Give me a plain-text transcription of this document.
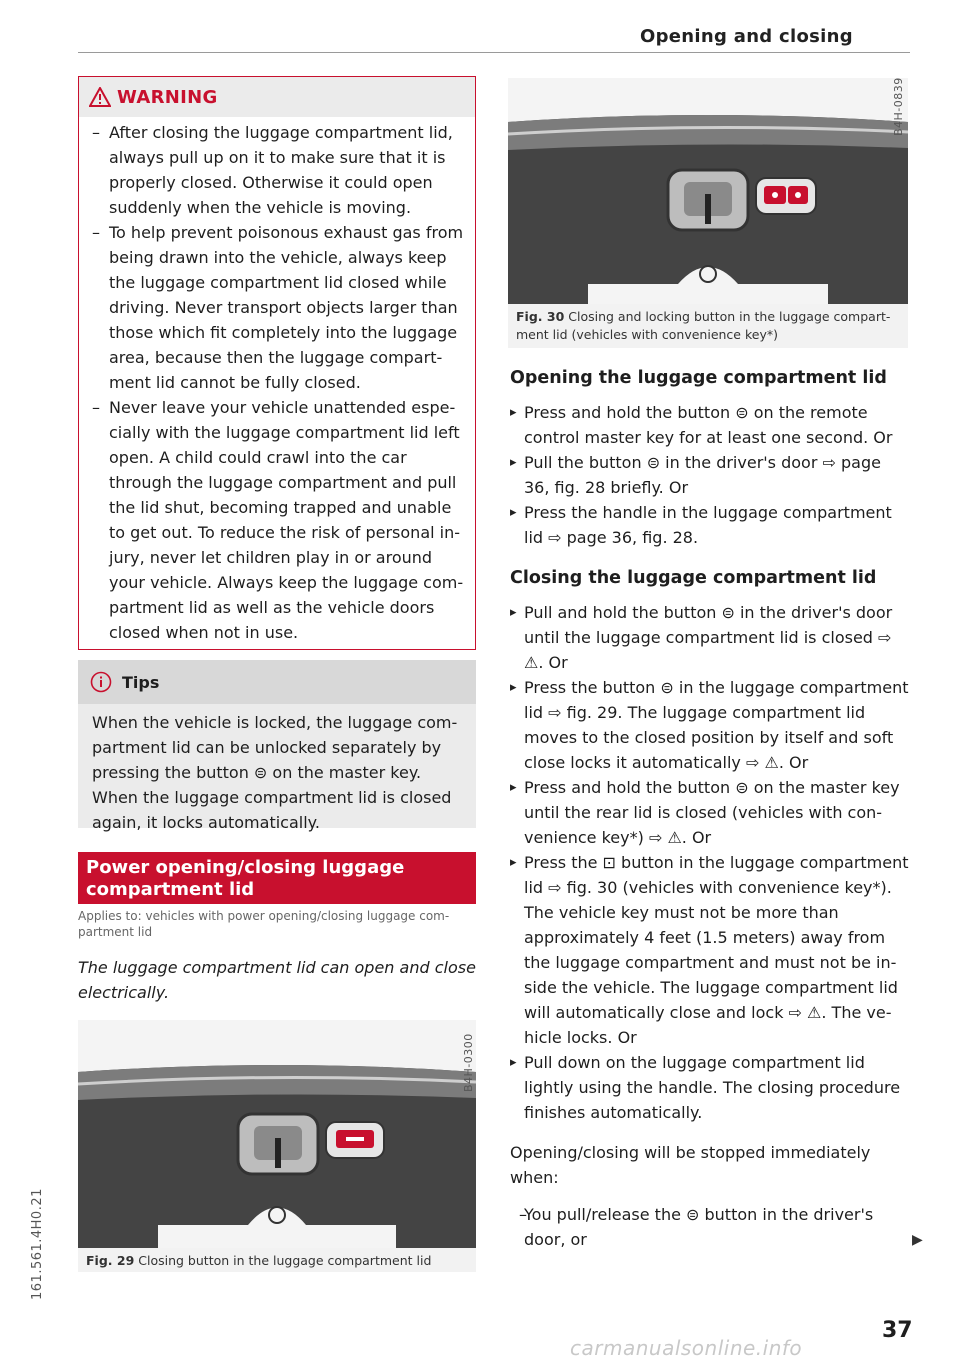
Opening and closing
161.561.4H0.21
WARNING
– After closing the luggage compartment lid, always pull up on it to make sure that it is properly closed. Otherwise it could open suddenly when the vehicle is moving.
– To help prevent poisonous exhaust gas from being drawn into the vehicle, always keep the luggage compartment lid closed while driving. Never transport objects larger than those which fit completely into the luggage area, because then the luggage compartment lid cannot be fully closed.
– Never leave your vehicle unattended especially with the luggage compartment lid left open. A child could crawl into the car through the luggage compartment and pull the lid shut, becoming trapped and unable to get out. To reduce the risk of personal injury, never let children play in or around your vehicle. Always keep the luggage compartment lid as well as the vehicle doors closed when not in use.
Tips
When the vehicle is locked, the luggage compartment lid can be unlocked separately by pressing the button ⊜ on the master key. When the luggage compartment lid is closed again, it locks automatically.
Power opening/closing luggage compartment lid
Applies to: vehicles with power opening/closing luggage compartment lid
The luggage compartment lid can open and close electrically.
B4H-0300
Fig. 29 Closing button in the luggage compartment lid
B4H-0839
Fig. 30 Closing and locking button in the luggage compartment lid (vehicles with convenience key*)
Opening the luggage compartment lid
▸ Press and hold the button ⊜ on the remote control master key for at least one second. Or
▸ Pull the button ⊜ in the driver's door ⇨ page 36, fig. 28 briefly. Or
▸ Press the handle in the luggage compartment lid ⇨ page 36, fig. 28.
Closing the luggage compartment lid
▸ Pull and hold the button ⊜ in the driver's door until the luggage compartment lid is closed ⇨ ⚠. Or
▸ Press the button ⊜ in the luggage compartment lid ⇨ fig. 29. The luggage compartment lid moves to the closed position by itself and soft close locks it automatically ⇨ ⚠. Or
▸ Press and hold the button ⊜ on the master key until the rear lid is closed (vehicles with convenience key*) ⇨ ⚠. Or
▸ Press the ⊡ button in the luggage compartment lid ⇨ fig. 30 (vehicles with convenience key*). The vehicle key must not be more than approximately 4 feet (1.5 meters) away from the luggage compartment and must not be inside the vehicle. The luggage compartment lid will automatically close and lock ⇨ ⚠. The vehicle locks. Or
▸ Pull down on the luggage compartment lid lightly using the handle. The closing procedure finishes automatically.
Opening/closing will be stopped immediately when:
– You pull/release the ⊜ button in the driver's door, or	▶
37
carmanualsonline.info
